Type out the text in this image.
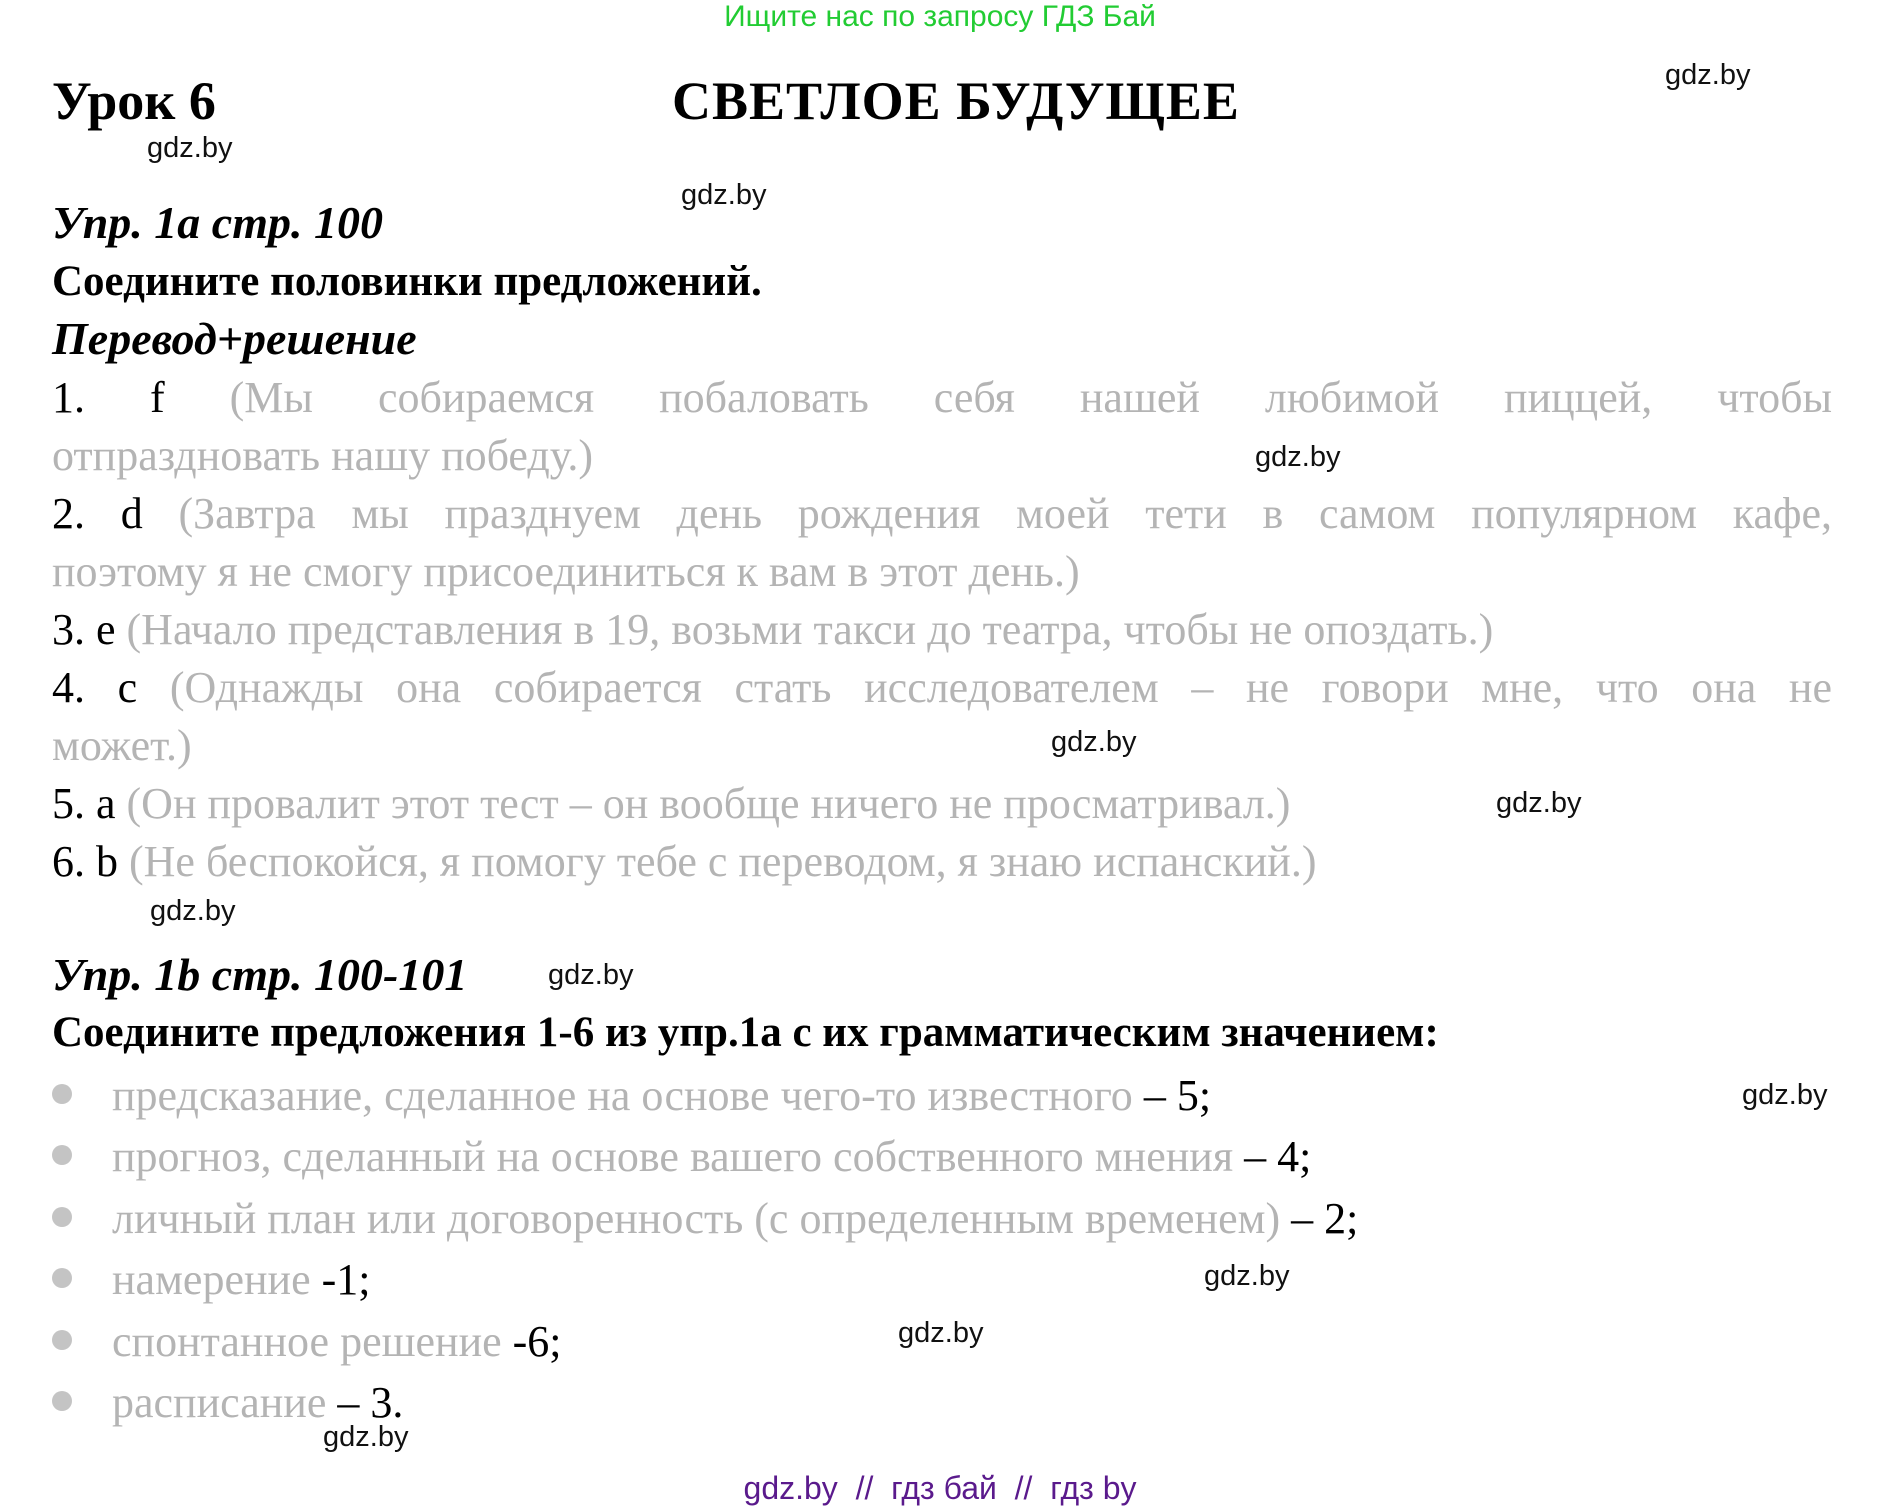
Ищите нас по запросу ГДЗ Бай
Урок 6	СВЕТЛОЕ БУДУЩЕЕ
Упр. 1а стр. 100
Соедините половинки предложений.
Перевод+решение
1. f (Мы собираемся побаловать себя нашей любимой пиццей, чтобы
отпраздновать нашу победу.)
2. d (Завтра мы празднуем день рождения моей тети в самом популярном кафе,
поэтому я не смогу присоединиться к вам в этот день.)
3. e (Начало представления в 19, возьми такси до театра, чтобы не опоздать.)
4. c (Однажды она собирается стать исследователем – не говори мне, что она не
может.)
5. a (Он провалит этот тест – он вообще ничего не просматривал.)
6. b (Не беспокойся, я помогу тебе с переводом, я знаю испанский.)
Упр. 1b стр. 100-101
Соедините предложения 1-6 из упр.1а с их грамматическим значением:
предсказание, сделанное на основе чего-то известного – 5;
прогноз, сделанный на основе вашего собственного мнения – 4;
личный план или договоренность (с определенным временем) – 2;
намерение -1;
спонтанное решение -6;
расписание – 3.
gdz.by
gdz.by
gdz.by
gdz.by
gdz.by
gdz.by
gdz.by
gdz.by
gdz.by
gdz.by
gdz.by
gdz.by
gdz.by  //  гдз бай  //  гдз by
